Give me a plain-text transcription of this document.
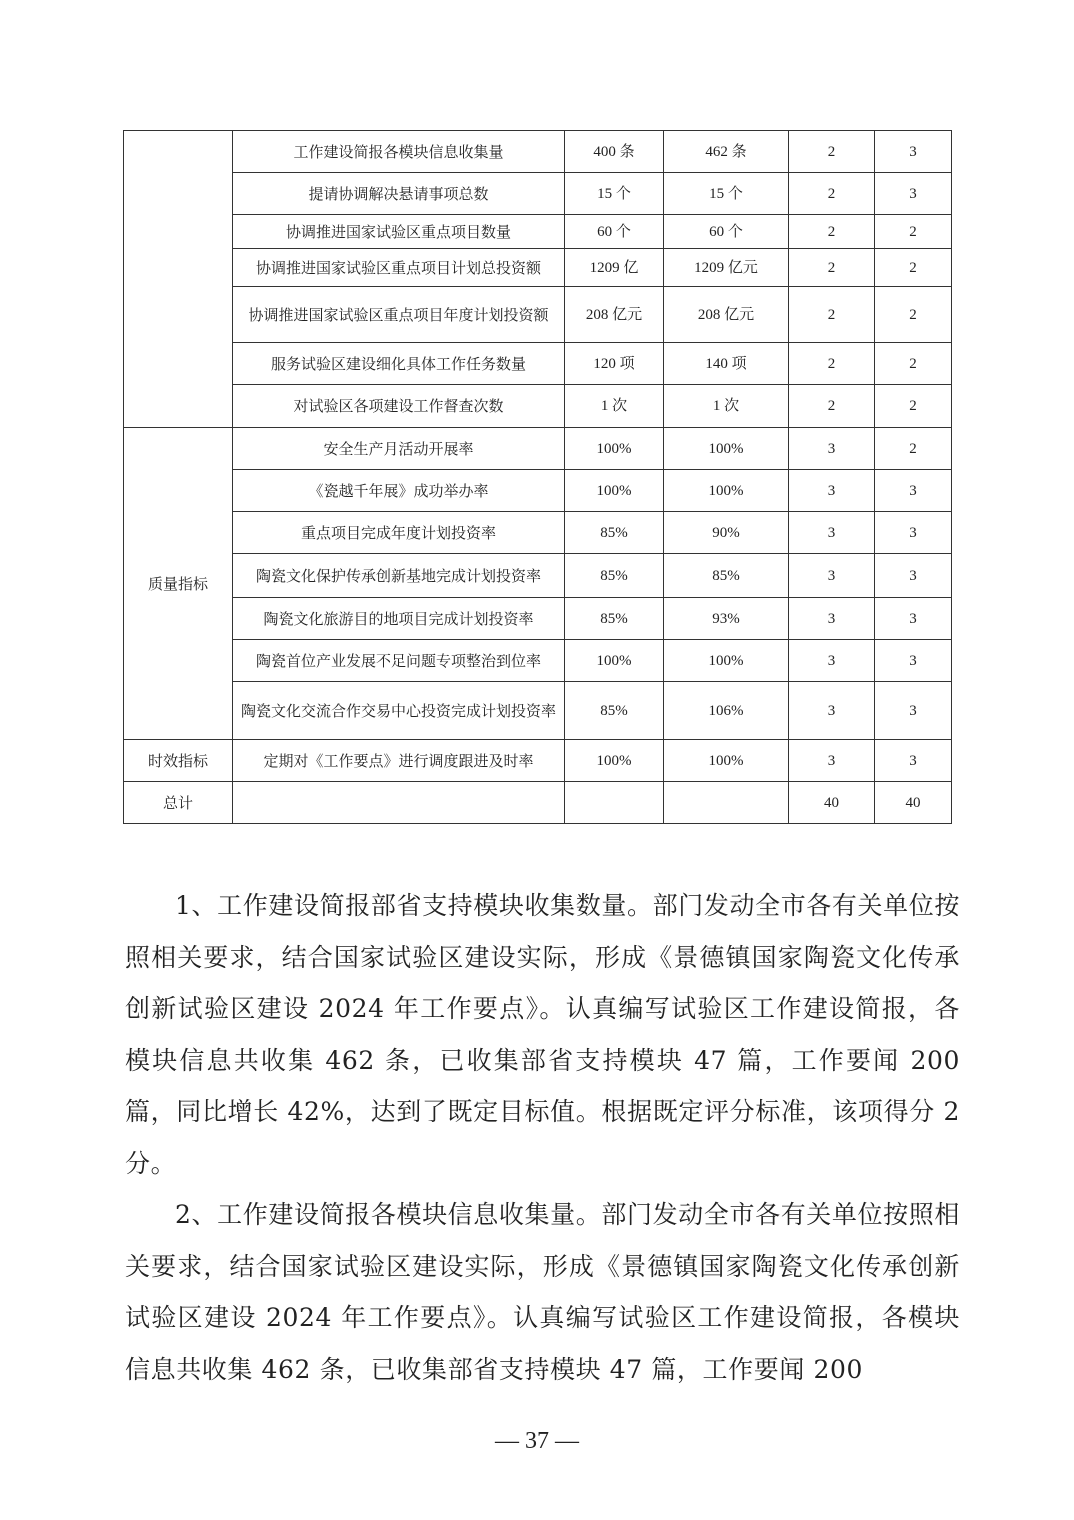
	工作建设简报各模块信息收集量	400 条	462 条	2	3
	提请协调解决悬请事项总数	15 个	15 个	2	3
	协调推进国家试验区重点项目数量	60 个	60 个	2	2
	协调推进国家试验区重点项目计划总投资额	1209 亿	1209 亿元	2	2
	协调推进国家试验区重点项目年度计划投资额	208 亿元	208 亿元	2	2
	服务试验区建设细化具体工作任务数量	120 项	140 项	2	2
	对试验区各项建设工作督查次数	1 次	1 次	2	2
质量指标	安全生产月活动开展率	100%	100%	3	2
	《瓷越千年展》成功举办率	100%	100%	3	3
	重点项目完成年度计划投资率	85%	90%	3	3
	陶瓷文化保护传承创新基地完成计划投资率	85%	85%	3	3
	陶瓷文化旅游目的地项目完成计划投资率	85%	93%	3	3
	陶瓷首位产业发展不足问题专项整治到位率	100%	100%	3	3
	陶瓷文化交流合作交易中心投资完成计划投资率	85%	106%	3	3
时效指标	定期对《工作要点》进行调度跟进及时率	100%	100%	3	3
总计				40	40

1、工作建设简报部省支持模块收集数量。部门发动全市各有关单位按照相关要求，结合国家试验区建设实际，形成《景德镇国家陶瓷文化传承创新试验区建设 2024 年工作要点》。认真编写试验区工作建设简报，各模块信息共收集 462 条，已收集部省支持模块 47 篇，工作要闻 200 篇，同比增长 42%，达到了既定目标值。根据既定评分标准，该项得分 2 分。

2、工作建设简报各模块信息收集量。部门发动全市各有关单位按照相关要求，结合国家试验区建设实际，形成《景德镇国家陶瓷文化传承创新试验区建设 2024 年工作要点》。认真编写试验区工作建设简报，各模块信息共收集 462 条，已收集部省支持模块 47 篇，工作要闻 200

— 37 —
